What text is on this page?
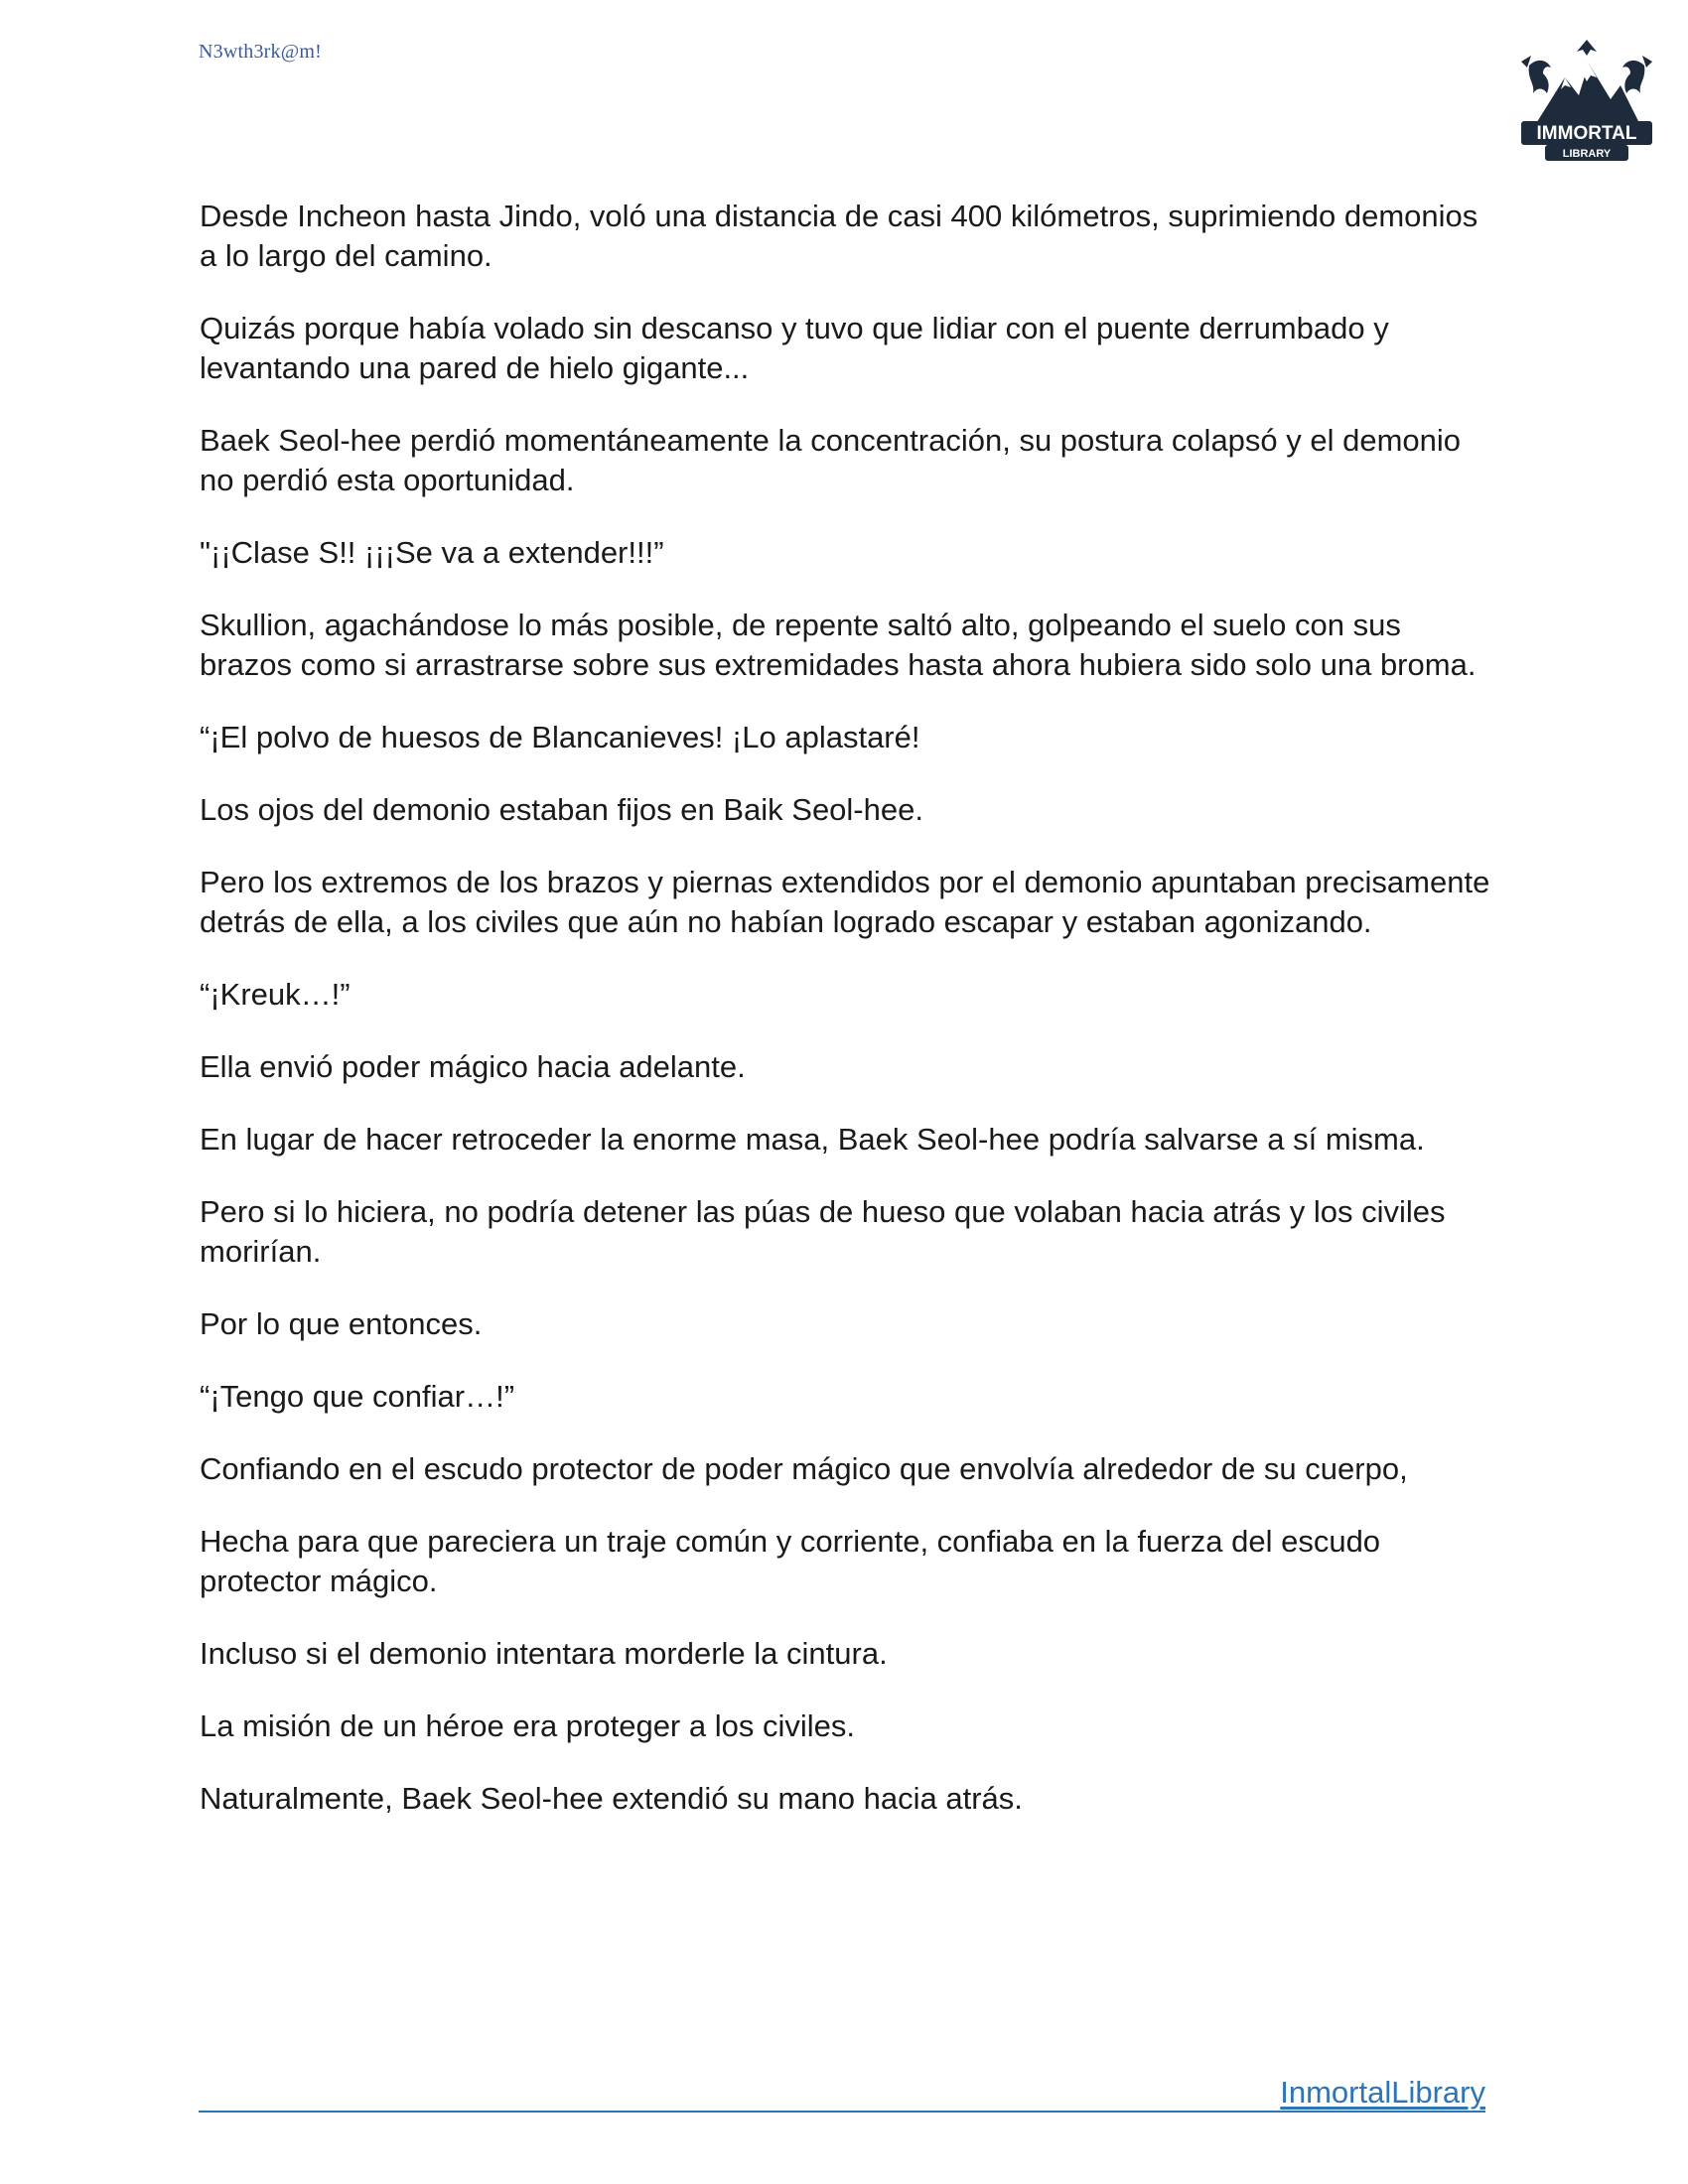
N3wth3rk@m!
IMMORTAL
LIBRARY

Desde Incheon hasta Jindo, voló una distancia de casi 400 kilómetros, suprimiendo demonios a lo largo del camino.

Quizás porque había volado sin descanso y tuvo que lidiar con el puente derrumbado y levantando una pared de hielo gigante...

Baek Seol-hee perdió momentáneamente la concentración, su postura colapsó y el demonio no perdió esta oportunidad.

"¡¡Clase S!! ¡¡¡Se va a extender!!!”

Skullion, agachándose lo más posible, de repente saltó alto, golpeando el suelo con sus brazos como si arrastrarse sobre sus extremidades hasta ahora hubiera sido solo una broma.

“¡El polvo de huesos de Blancanieves! ¡Lo aplastaré!

Los ojos del demonio estaban fijos en Baik Seol-hee.

Pero los extremos de los brazos y piernas extendidos por el demonio apuntaban precisamente detrás de ella, a los civiles que aún no habían logrado escapar y estaban agonizando.

“¡Kreuk…!”

Ella envió poder mágico hacia adelante.

En lugar de hacer retroceder la enorme masa, Baek Seol-hee podría salvarse a sí misma.

Pero si lo hiciera, no podría detener las púas de hueso que volaban hacia atrás y los civiles morirían.

Por lo que entonces.

“¡Tengo que confiar…!”

Confiando en el escudo protector de poder mágico que envolvía alrededor de su cuerpo,

Hecha para que pareciera un traje común y corriente, confiaba en la fuerza del escudo protector mágico.

Incluso si el demonio intentara morderle la cintura.

La misión de un héroe era proteger a los civiles.

Naturalmente, Baek Seol-hee extendió su mano hacia atrás.

InmortalLibrary
